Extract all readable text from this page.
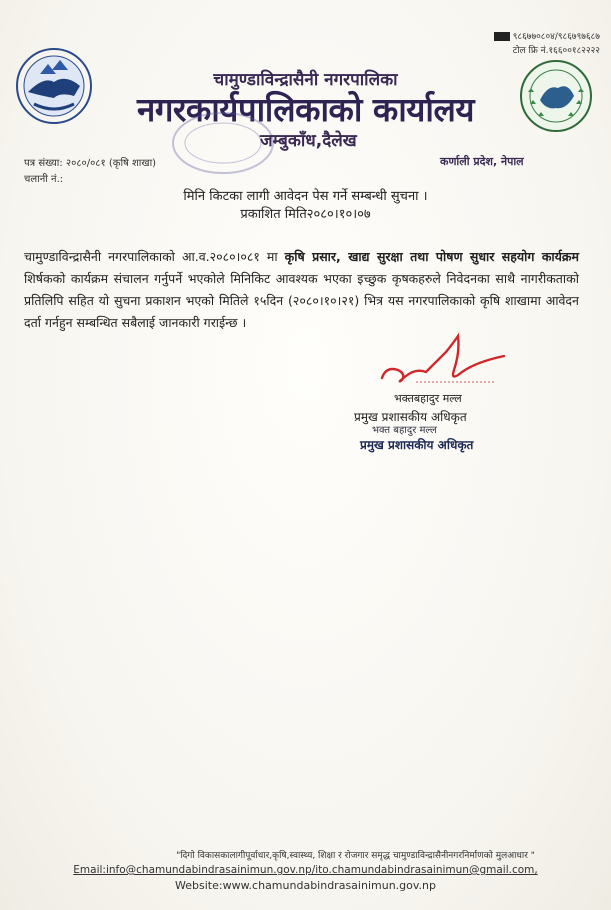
९८६७७०८०४/९८६७९७६८७
टोल फ्रि नं.१६६००१८२२२२
चामुण्डाविन्द्रासैनी नगरपालिका
नगरकार्यपालिकाको कार्यालय
जम्बुकाँध,दैलेख
पत्र संख्या: २०८०/०८१ (कृषि शाखा)
चलानी नं.:
कर्णाली प्रदेश, नेपाल
मिनि किटका लागी आवेदन पेस गर्ने सम्बन्धी सुचना ।
प्रकाशित मिति२०८०।१०।०७
चामुण्डाविन्द्रासैनी नगरपालिकाको आ.व.२०८०।०८१ मा कृषि प्रसार, खाद्य सुरक्षा तथा पोषण सुधार सहयोग कार्यक्रम शिर्षकको कार्यक्रम संचालन गर्नुपर्ने भएकोले मिनिकिट आवश्यक भएका इच्छुक कृषकहरुले निवेदनका साथै नागरीकताको प्रतिलिपि सहित यो सुचना प्रकाशन भएको मितिले १५दिन (२०८०।१०।२१) भित्र यस नगरपालिकाको कृषि शाखामा आवेदन दर्ता गर्नहुन सम्बन्धित सबैलाई जानकारी गराईन्छ ।
भक्तबहादुर मल्ल
प्रमुख प्रशासकीय अधिकृत
भक्त बहादुर मल्ल
प्रमुख प्रशासकीय अधिकृत
"दिगो विकासकालागीपूर्वाधार,कृषि,स्वास्थ्य, शिक्षा र रोजगार समृद्ध चामुण्डाविन्द्रासैनीनगरनिर्माणको मुलआधार "
Email:info@chamundabindrasainimun.gov.np/ito.chamundabindrasainimun@gmail.com,
Website:www.chamundabindrasainimun.gov.np
